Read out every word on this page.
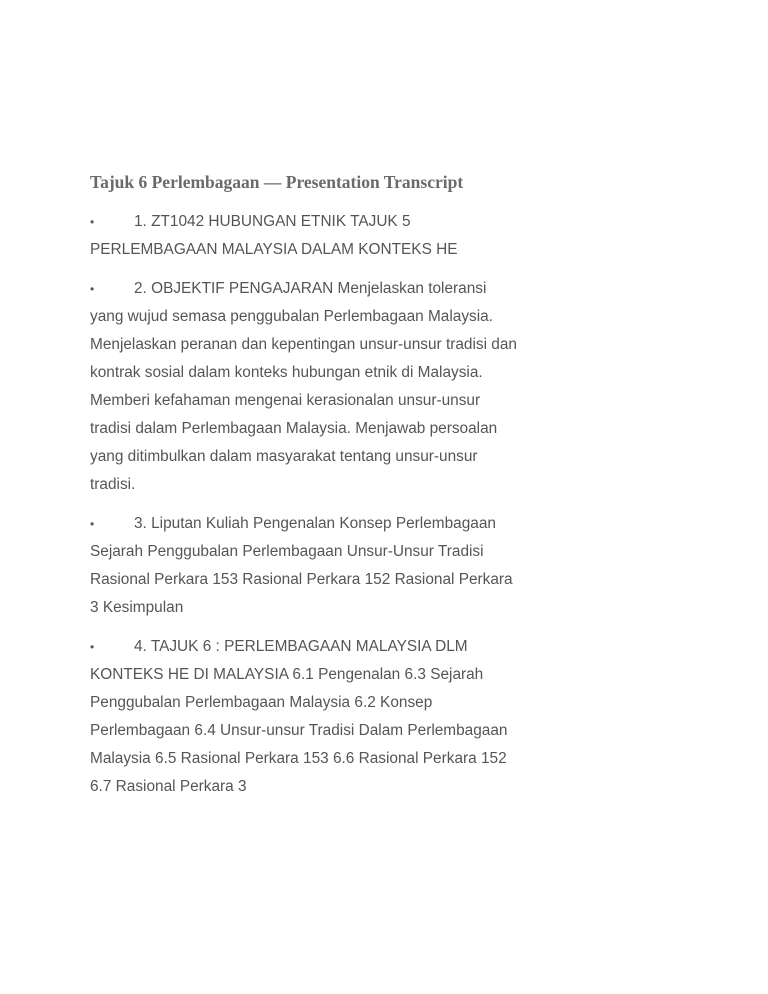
Tajuk 6 Perlembagaan — Presentation Transcript
•	1. ZT1042 HUBUNGAN ETNIK TAJUK 5 PERLEMBAGAAN MALAYSIA DALAM KONTEKS HE
•	2. OBJEKTIF PENGAJARAN Menjelaskan toleransi yang wujud semasa penggubalan Perlembagaan Malaysia. Menjelaskan peranan dan kepentingan unsur-unsur tradisi dan kontrak sosial dalam konteks hubungan etnik di Malaysia. Memberi kefahaman mengenai kerasionalan unsur-unsur tradisi dalam Perlembagaan Malaysia. Menjawab persoalan yang ditimbulkan dalam masyarakat tentang unsur-unsur tradisi.
•	3. Liputan Kuliah Pengenalan Konsep Perlembagaan Sejarah Penggubalan Perlembagaan Unsur-Unsur Tradisi Rasional Perkara 153 Rasional Perkara 152 Rasional Perkara 3 Kesimpulan
•	4. TAJUK 6 : PERLEMBAGAAN MALAYSIA DLM KONTEKS HE DI MALAYSIA 6.1 Pengenalan 6.3 Sejarah Penggubalan Perlembagaan Malaysia 6.2 Konsep Perlembagaan 6.4 Unsur-unsur Tradisi Dalam Perlembagaan Malaysia 6.5 Rasional Perkara 153 6.6 Rasional Perkara 152 6.7 Rasional Perkara 3
